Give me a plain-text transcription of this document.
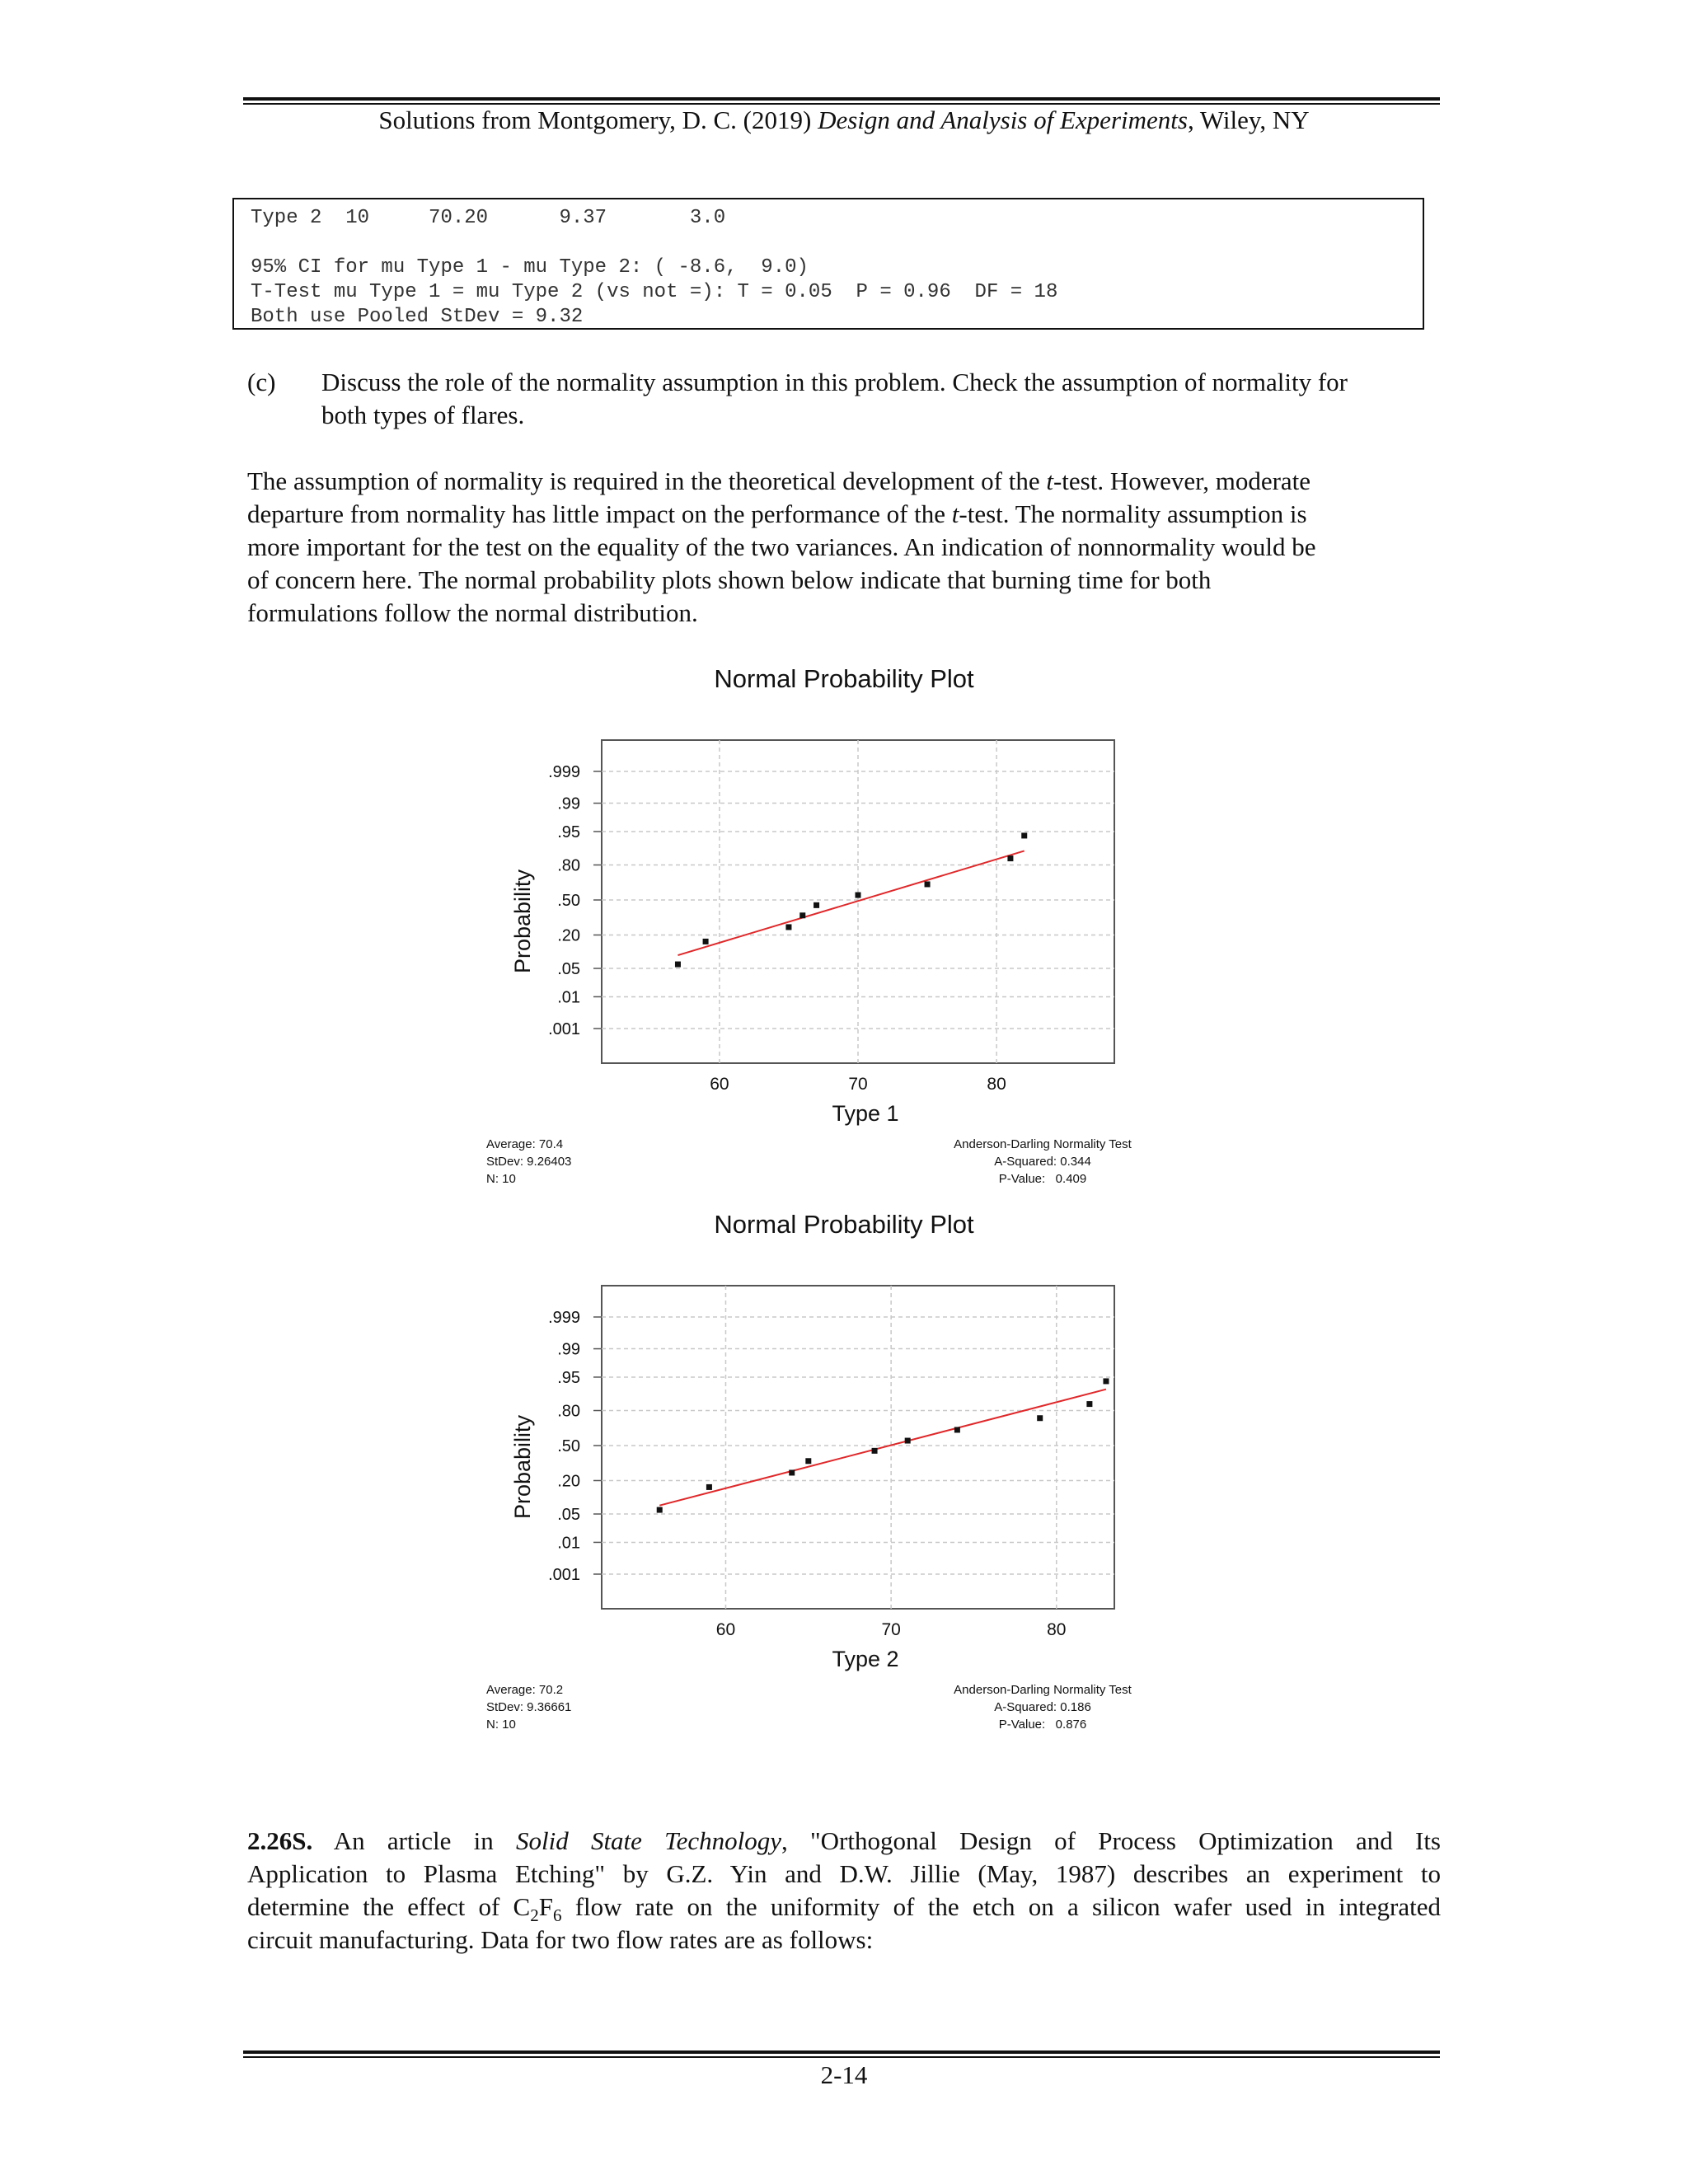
Solutions from Montgomery, D. C. (2019) Design and Analysis of Experiments, Wiley, NY
Type 2  10     70.20      9.37       3.0
95% CI for mu Type 1 - mu Type 2: ( -8.6,  9.0)
T-Test mu Type 1 = mu Type 2 (vs not =): T = 0.05  P = 0.96  DF = 18
Both use Pooled StDev = 9.32
(c) Discuss the role of the normality assumption in this problem. Check the assumption of normality for
both types of flares.
The assumption of normality is required in the theoretical development of the t-test. However, moderate
departure from normality has little impact on the performance of the t-test. The normality assumption is
more important for the test on the equality of the two variances. An indication of nonnormality would be
of concern here. The normal probability plots shown below indicate that burning time for both
formulations follow the normal distribution.
Normal Probability Plot
.999
.99
.95
.80
.50
.20
.05
.01
.001
60	70	80
Type 1
Probability
Average: 70.4
StDev: 9.26403
N: 10
Anderson-Darling Normality Test
A-Squared: 0.344
P-Value:   0.409
Normal Probability Plot
.999
.99
.95
.80
.50
.20
.05
.01
.001
60	70	80
Type 2
Probability
Average: 70.2
StDev: 9.36661
N: 10
Anderson-Darling Normality Test
A-Squared: 0.186
P-Value:   0.876
2.26S. An article in Solid State Technology, "Orthogonal Design of Process Optimization and Its
Application to Plasma Etching" by G.Z. Yin and D.W. Jillie (May, 1987) describes an experiment to
determine the effect of $C_2F_6$ flow rate on the uniformity of the etch on a silicon wafer used in integrated
circuit manufacturing. Data for two flow rates are as follows:
2-14
